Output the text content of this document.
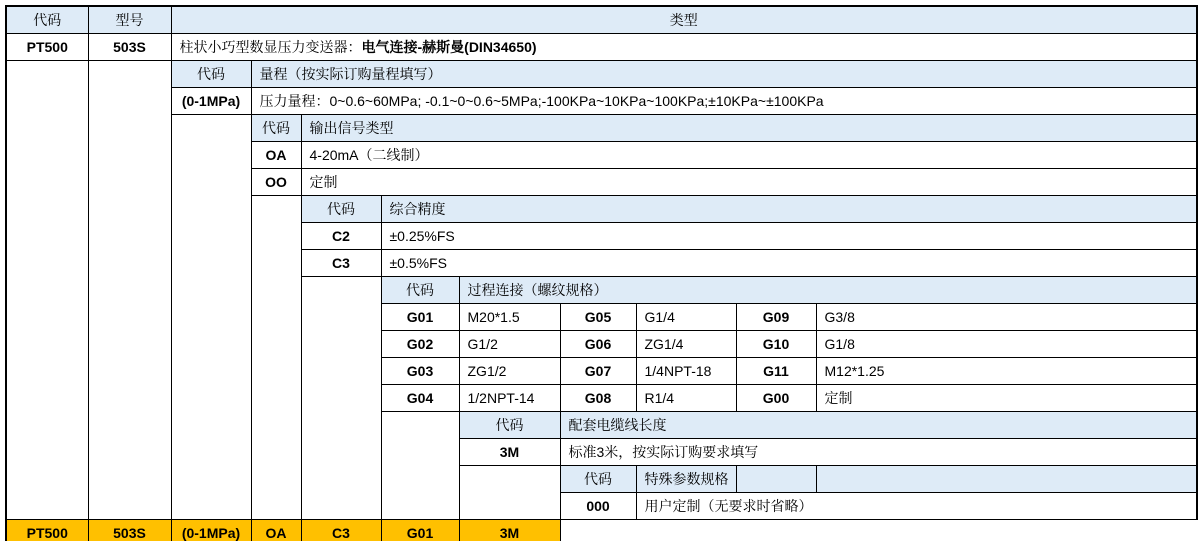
代码	型号	类型								
PT500	503S	柱状小巧型数显压力变送器：电气连接-赫斯曼(DIN34650)								
		代码	量程（按实际订购量程填写）							
		(0-1MPa)	压力量程：0~0.6~60MPa; -0.1~0~0.6~5MPa;-100KPa~10KPa~100KPa;±10KPa~±100KPa							
			代码	输出信号类型						
			OA	4-20mA（二线制）						
			OO	定制						
				代码	综合精度					
				C2	±0.25%FS					
				C3	±0.5%FS					
					代码	过程连接（螺纹规格）				
					G01	M20*1.5	G05	G1/4	G09	G3/8
					G02	G1/2	G06	ZG1/4	G10	G1/8
					G03	ZG1/2	G07	1/4NPT-18	G11	M12*1.25
					G04	1/2NPT-14	G08	R1/4	G00	定制
						代码	配套电缆线长度			
						3M	标准3米，按实际订购要求填写			
							代码	特殊参数规格		
							000	用户定制（无要求时省略）		
PT500	503S	(0-1MPa)	OA	C3	G01	3M				
